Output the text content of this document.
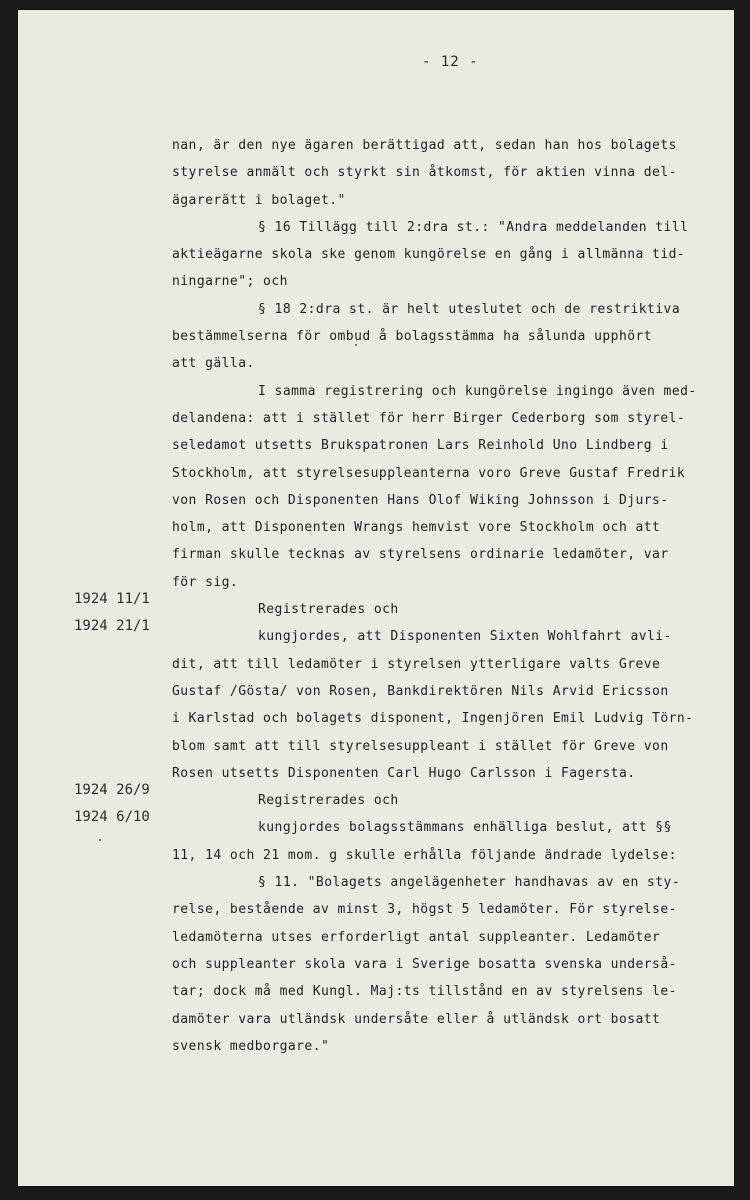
- 12 -
1924 11/1
1924 21/1
1924 26/9
1924 6/10
nan, är den nye ägaren berättigad att, sedan han hos bolagets
styrelse anmält och styrkt sin åtkomst, för aktien vinna del-
ägarerätt i bolaget."
§ 16 Tillägg till 2:dra st.: "Andra meddelanden till
aktieägarne skola ske genom kungörelse en gång i allmänna tid-
ningarne"; och
§ 18 2:dra st. är helt uteslutet och de restriktiva
bestämmelserna för ombud å bolagsstämma ha sålunda upphört
att gälla.
I samma registrering och kungörelse ingingo även med-
delandena: att i stället för herr Birger Cederborg som styrel-
seledamot utsetts Brukspatronen Lars Reinhold Uno Lindberg i
Stockholm, att styrelsesuppleanterna voro Greve Gustaf Fredrik
von Rosen och Disponenten Hans Olof Wiking Johnsson i Djurs-
holm, att Disponenten Wrangs hemvist vore Stockholm och att
firman skulle tecknas av styrelsens ordinarie ledamöter, var
för sig.
Registrerades och
kungjordes, att Disponenten Sixten Wohlfahrt avli-
dit, att till ledamöter i styrelsen ytterligare valts Greve
Gustaf /Gösta/ von Rosen, Bankdirektören Nils Arvid Ericsson
i Karlstad och bolagets disponent, Ingenjören Emil Ludvig Törn-
blom samt att till styrelsesuppleant i stället för Greve von
Rosen utsetts Disponenten Carl Hugo Carlsson i Fagersta.
Registrerades och
kungjordes bolagsstämmans enhälliga beslut, att §§
11, 14 och 21 mom. g skulle erhålla följande ändrade lydelse:
§ 11. "Bolagets angelägenheter handhavas av en sty-
relse, bestående av minst 3, högst 5 ledamöter. För styrelse-
ledamöterna utses erforderligt antal suppleanter. Ledamöter
och suppleanter skola vara i Sverige bosatta svenska underså-
tar; dock må med Kungl. Maj:ts tillstånd en av styrelsens le-
damöter vara utländsk undersåte eller å utländsk ort bosatt
svensk medborgare."
